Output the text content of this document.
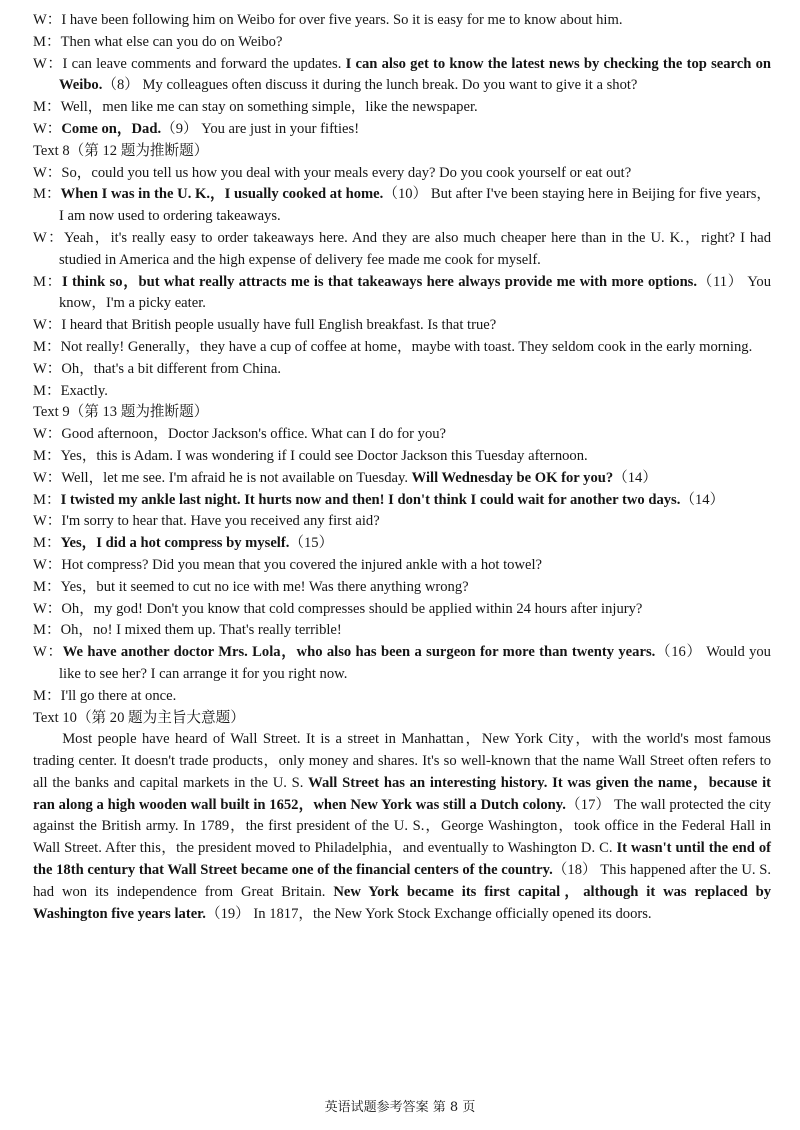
W：I have been following him on Weibo for over five years. So it is easy for me to know about him.

M：Then what else can you do on Weibo?

W：I can leave comments and forward the updates. I can also get to know the latest news by checking the top search on Weibo.（8） My colleagues often discuss it during the lunch break. Do you want to give it a shot?

M：Well，men like me can stay on something simple，like the newspaper.

W：Come on，Dad.（9） You are just in your fifties!

Text 8（第 12 题为推断题）

W：So，could you tell us how you deal with your meals every day? Do you cook yourself or eat out?

M：When I was in the U. K.，I usually cooked at home.（10） But after I've been staying here in Beijing for five years，I am now used to ordering takeaways.

W：Yeah，it's really easy to order takeaways here. And they are also much cheaper here than in the U. K.，right? I had studied in America and the high expense of delivery fee made me cook for myself.

M：I think so，but what really attracts me is that takeaways here always provide me with more options.（11） You know，I'm a picky eater.

W：I heard that British people usually have full English breakfast. Is that true?

M：Not really! Generally，they have a cup of coffee at home，maybe with toast. They seldom cook in the early morning.

W：Oh，that's a bit different from China.

M：Exactly.

Text 9（第 13 题为推断题）

W：Good afternoon，Doctor Jackson's office. What can I do for you?

M：Yes，this is Adam. I was wondering if I could see Doctor Jackson this Tuesday afternoon.

W：Well，let me see. I'm afraid he is not available on Tuesday. Will Wednesday be OK for you?（14）

M：I twisted my ankle last night. It hurts now and then! I don't think I could wait for another two days.（14）

W：I'm sorry to hear that. Have you received any first aid?

M：Yes，I did a hot compress by myself.（15）

W：Hot compress? Did you mean that you covered the injured ankle with a hot towel?

M：Yes，but it seemed to cut no ice with me! Was there anything wrong?

W：Oh，my god! Don't you know that cold compresses should be applied within 24 hours after injury?

M：Oh，no! I mixed them up. That's really terrible!

W：We have another doctor Mrs. Lola，who also has been a surgeon for more than twenty years.（16） Would you like to see her? I can arrange it for you right now.

M：I'll go there at once.

Text 10（第 20 题为主旨大意题）

Most people have heard of Wall Street. It is a street in Manhattan，New York City，with the world's most famous trading center. It doesn't trade products，only money and shares. It's so well-known that the name Wall Street often refers to all the banks and capital markets in the U. S. Wall Street has an interesting history. It was given the name，because it ran along a high wooden wall built in 1652，when New York was still a Dutch colony.（17） The wall protected the city against the British army. In 1789，the first president of the U. S.，George Washington，took office in the Federal Hall in Wall Street. After this，the president moved to Philadelphia，and eventually to Washington D. C. It wasn't until the end of the 18th century that Wall Street became one of the financial centers of the country.（18） This happened after the U. S. had won its independence from Great Britain. New York became its first capital，although it was replaced by Washington five years later.（19） In 1817，the New York Stock Exchange officially opened its doors.

英语试题参考答案 第 8 页
